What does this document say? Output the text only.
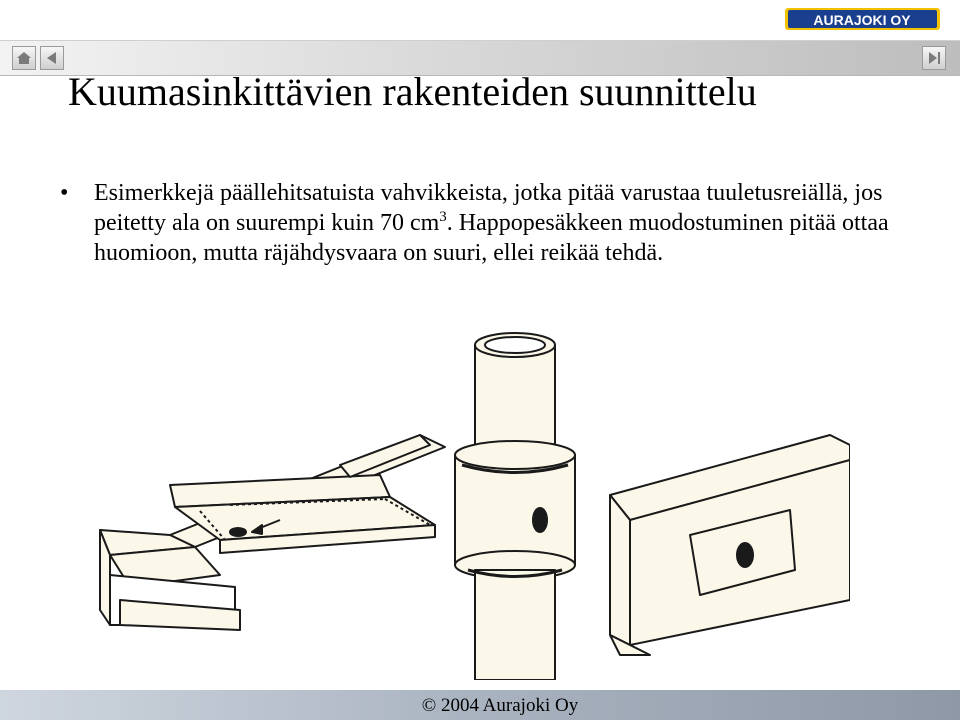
AURAJOKI OY
Kuumasinkittävien rakenteiden suunnittelu
• Esimerkkejä päällehitsatuista vahvikkeista, jotka pitää varustaa tuuletusreiällä, jos peitetty ala on suurempi kuin 70 $cm^3$. Happopesäkkeen muodostuminen pitää ottaa huomioon, mutta räjähdysvaara on suuri, ellei reikää tehdä.
© 2004 Aurajoki Oy
